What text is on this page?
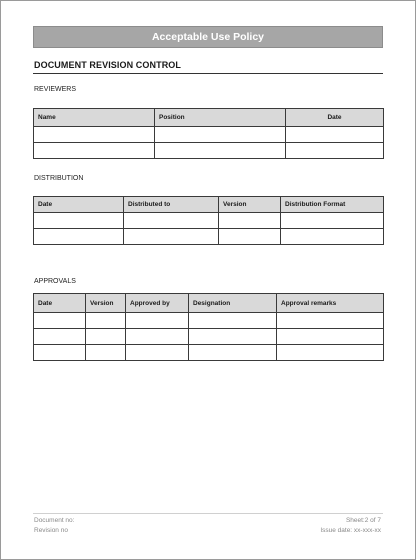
Acceptable Use Policy
DOCUMENT REVISION CONTROL
REVIEWERS
Name	Position	Date

DISTRIBUTION
Date	Distributed to	Version	Distribution Format

APPROVALS
Date	Version	Approved by	Designation	Approval remarks

Document no:
Revision no
Sheet:2 of 7
Issue date: xx-xxx-xx
